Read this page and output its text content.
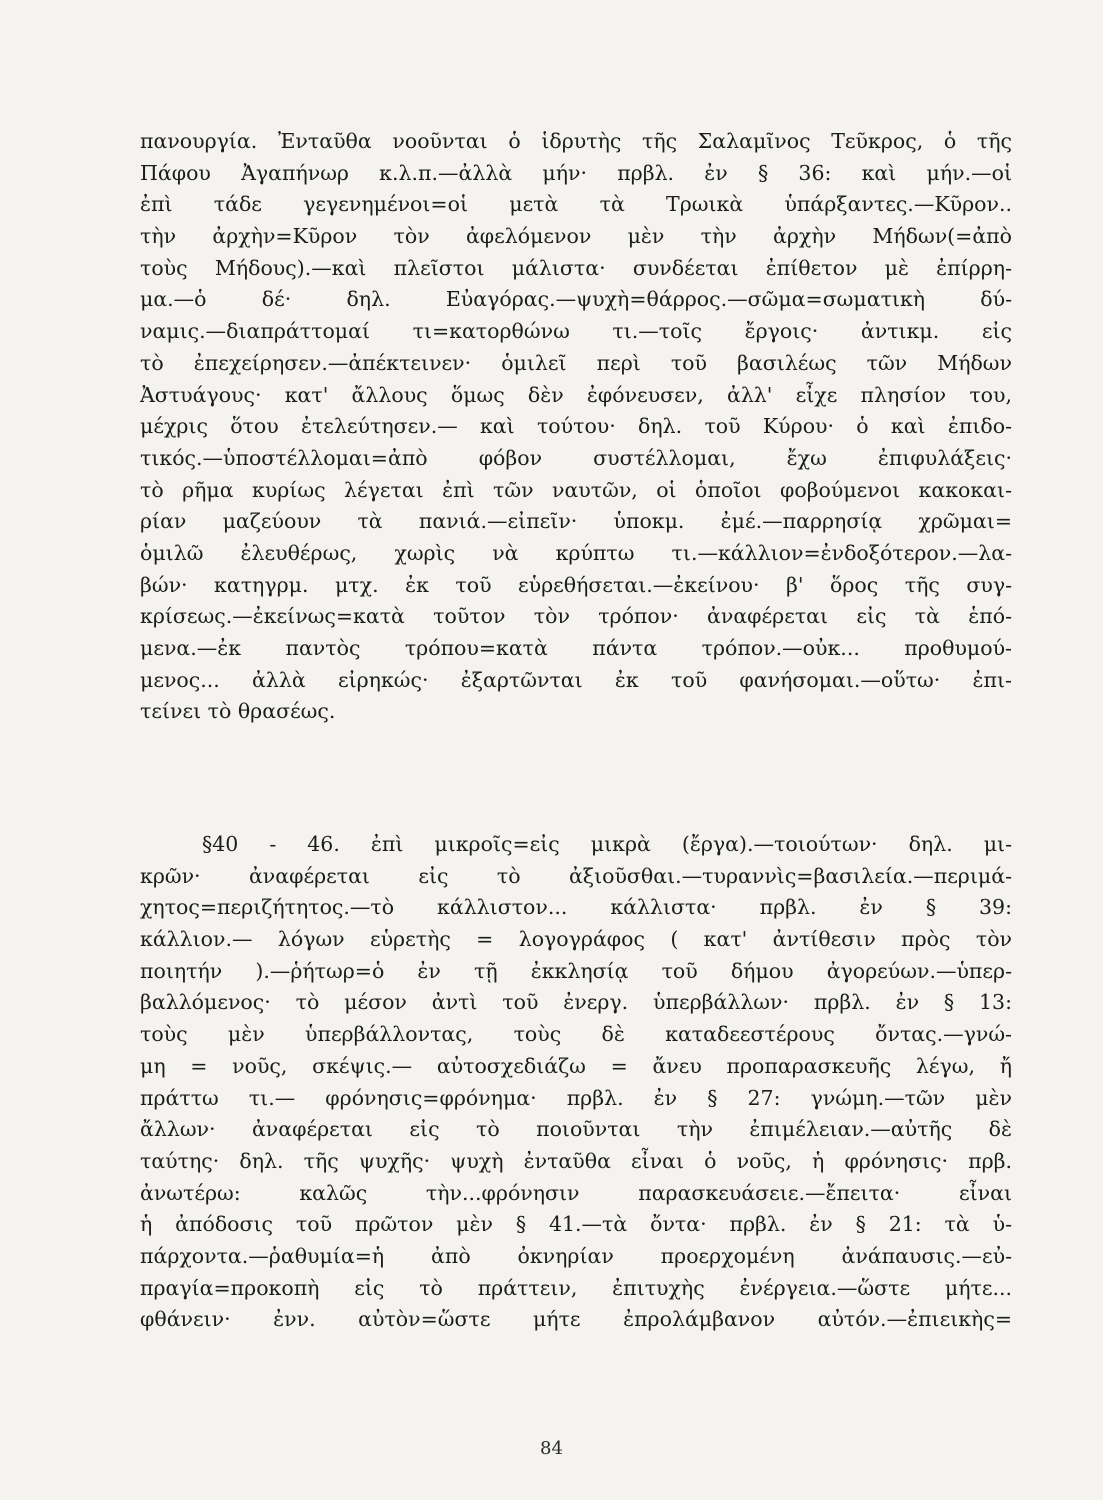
πανουργία. Ἐνταῦθα νοοῦνται ὁ ἱδρυτὴς τῆς Σαλαμῖνος Τεῦκρος, ὁ τῆς
Πάφου Ἀγαπήνωρ κ.λ.π.—ἀλλὰ μήν· πρβλ. ἐν § 36: καὶ μήν.—οἱ
ἐπὶ τάδε γεγενημένοι=οἱ μετὰ τὰ Τρωικὰ ὑπάρξαντες.—Κῦρον..
τὴν ἀρχὴν=Κῦρον τὸν ἀφελόμενον μὲν τὴν ἀρχὴν Μήδων(=ἀπὸ
τοὺς Μήδους).—καὶ πλεῖστοι μάλιστα· συνδέεται ἐπίθετον μὲ ἐπίρρη-
μα.—ὁ δέ· δηλ. Εὐαγόρας.—ψυχὴ=θάρρος.—σῶμα=σωματικὴ δύ-
ναμις.—διαπράττομαί τι=κατορθώνω τι.—τοῖς ἔργοις· ἀντικμ. εἰς
τὸ ἐπεχείρησεν.—ἀπέκτεινεν· ὁμιλεῖ περὶ τοῦ βασιλέως τῶν Μήδων
Ἀστυάγους· κατ' ἄλλους ὅμως δὲν ἐφόνευσεν, ἀλλ' εἶχε πλησίον του,
μέχρις ὅτου ἐτελεύτησεν.— καὶ τούτου· δηλ. τοῦ Κύρου· ὁ καὶ ἐπιδο-
τικός.—ὑποστέλλομαι=ἀπὸ φόβον συστέλλομαι, ἔχω ἐπιφυλάξεις·
τὸ ρῆμα κυρίως λέγεται ἐπὶ τῶν ναυτῶν, οἱ ὁποῖοι φοβούμενοι κακοκαι-
ρίαν μαζεύουν τὰ πανιά.—εἰπεῖν· ὑποκμ. ἐμέ.—παρρησίᾳ χρῶμαι=
ὁμιλῶ ἐλευθέρως, χωρὶς νὰ κρύπτω τι.—κάλλιον=ἐνδοξότερον.—λα-
βών· κατηγρμ. μτχ. ἐκ τοῦ εὑρεθήσεται.—ἐκείνου· β' ὅρος τῆς συγ-
κρίσεως.—ἐκείνως=κατὰ τοῦτον τὸν τρόπον· ἀναφέρεται εἰς τὰ ἑπό-
μενα.—ἐκ παντὸς τρόπου=κατὰ πάντα τρόπον.—οὐκ... προθυμού-
μενος... ἀλλὰ εἰρηκώς· ἐξαρτῶνται ἐκ τοῦ φανήσομαι.—οὕτω· ἐπι-
τείνει τὸ θρασέως.
§40 - 46. ἐπὶ μικροῖς=εἰς μικρὰ (ἔργα).—τοιούτων· δηλ. μι-
κρῶν· ἀναφέρεται εἰς τὸ ἀξιοῦσθαι.—τυραννὶς=βασιλεία.—περιμά-
χητος=περιζήτητος.—τὸ κάλλιστον... κάλλιστα· πρβλ. ἐν § 39:
κάλλιον.— λόγων εὑρετὴς = λογογράφος ( κατ' ἀντίθεσιν πρὸς τὸν
ποιητήν ).—ῥήτωρ=ὁ ἐν τῇ ἐκκλησίᾳ τοῦ δήμου ἀγορεύων.—ὑπερ-
βαλλόμενος· τὸ μέσον ἀντὶ τοῦ ἐνεργ. ὑπερβάλλων· πρβλ. ἐν § 13:
τοὺς μὲν ὑπερβάλλοντας, τοὺς δὲ καταδεεστέρους ὄντας.—γνώ-
μη = νοῦς, σκέψις.— αὐτοσχεδιάζω = ἄνευ προπαρασκευῆς λέγω, ἤ
πράττω τι.— φρόνησις=φρόνημα· πρβλ. ἐν § 27: γνώμη.—τῶν μὲν
ἄλλων· ἀναφέρεται εἰς τὸ ποιοῦνται τὴν ἐπιμέλειαν.—αὐτῆς δὲ
ταύτης· δηλ. τῆς ψυχῆς· ψυχὴ ἐνταῦθα εἶναι ὁ νοῦς, ἡ φρόνησις· πρβ.
ἀνωτέρω: καλῶς τὴν...φρόνησιν παρασκευάσειε.—ἔπειτα· εἶναι
ἡ ἀπόδοσις τοῦ πρῶτον μὲν § 41.—τὰ ὄντα· πρβλ. ἐν § 21: τὰ ὑ-
πάρχοντα.—ῥαθυμία=ἡ ἀπὸ ὀκνηρίαν προερχομένη ἀνάπαυσις.—εὐ-
πραγία=προκοπὴ εἰς τὸ πράττειν, ἐπιτυχὴς ἐνέργεια.—ὥστε μήτε...
φθάνειν· ἐνν. αὐτὸν=ὥστε μήτε ἐπρολάμβανον αὐτόν.—ἐπιεικὴς=
84
